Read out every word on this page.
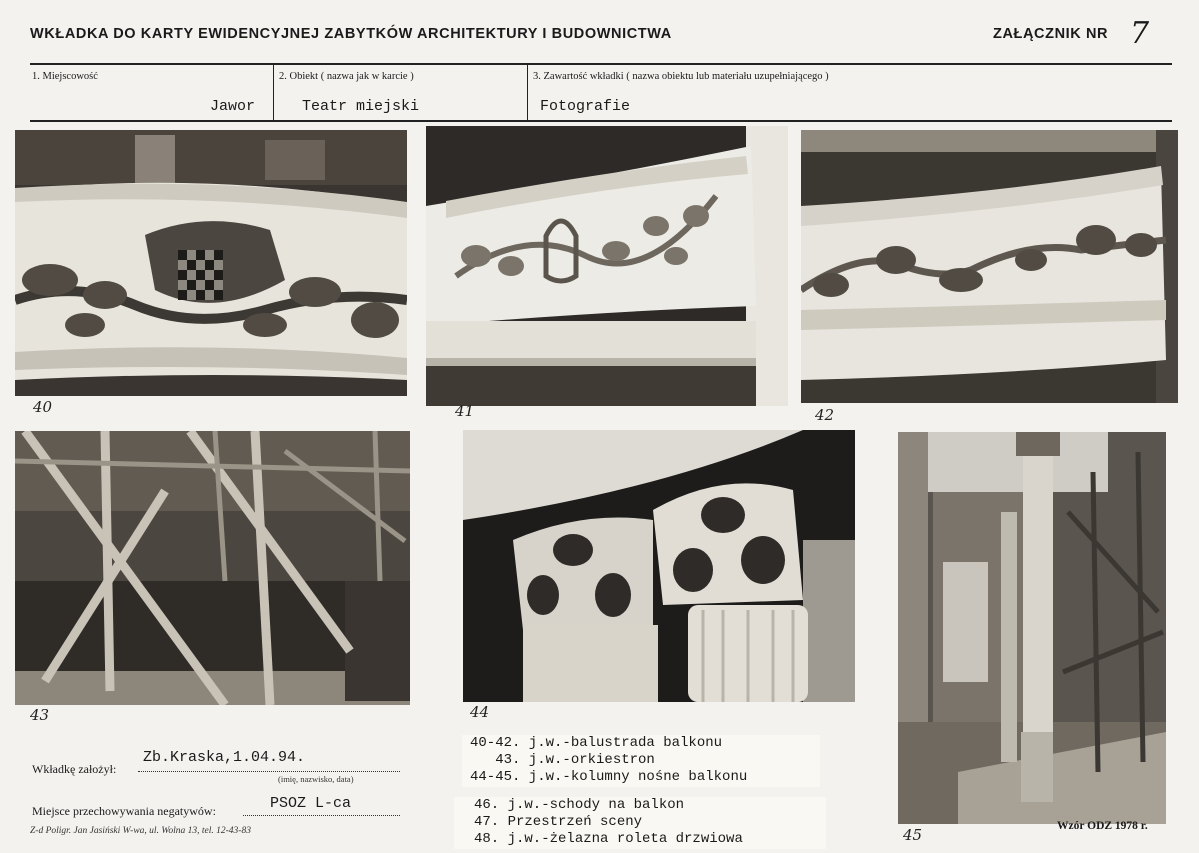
WKŁADKA DO KARTY EWIDENCYJNEJ ZABYTKÓW ARCHITEKTURY I BUDOWNICTWA	ZAŁĄCZNIK NR 7
1. Miejscowość
Jawor
2. Obiekt ( nazwa jak w karcie )
Teatr miejski
3. Zawartość wkładki ( nazwa obiektu lub materiału uzupełniającego )
Fotografie
40	41	42
43	44
45
Wkładkę założył:
Zb.Kraska,1.04.94.
(imię, nazwisko, data)
Miejsce przechowywania negatywów:	PSOZ L-ca
Z-d Poligr. Jan Jasiński W-wa, ul. Wolna 13, tel. 12-43-83	Wzór ODZ 1978 r.
40-42. j.w.-balustrada balkonu
43. j.w.-orkiestron
44-45. j.w.-kolumny nośne balkonu
46. j.w.-schody na balkon
47. Przestrzeń sceny
48. j.w.-żelazna roleta drzwiowa
